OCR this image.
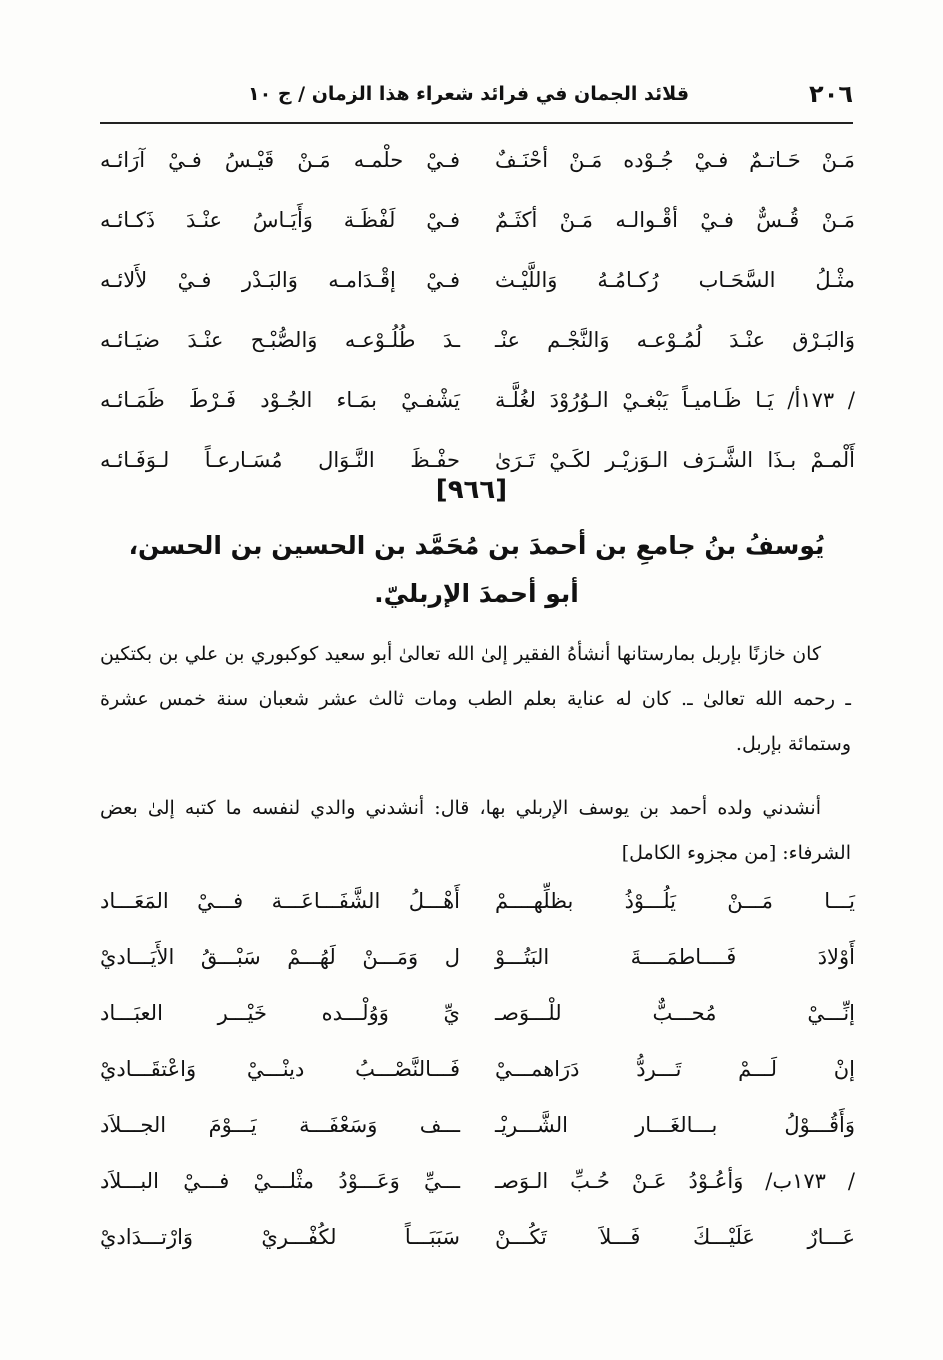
٢٠٦
قلائد الجمان في فرائد شعراء هذا الزمان / ج ١٠
مَـنْ حَـاتـمٌ فـيْ جُـوْده مَـنْ أحْنَـفٌ
فـيْ حلْمـه مَـنْ قَيْـسُ فـيْ آرَائـه
مَـنْ قُـسٌّ فـيْ أقْـوالـه مَـنْ أكثَـمٌ
فـيْ لَفْظَـة وَأَيَـاسُ عنْـدَ ذَكـائـه
مثْـلُ السَّحَـاب رُكـامُـهُ وَاللَّيْـث
فـيْ إقْـدَامـه وَالبَـدْر فـيْ لأَلائـه
وَالبَـرْق عنْـدَ لُمُـوْعـه وَالنَّجْـم عنْـ
ـدَ طُلُـوْعـه وَالصُّبْـح عنْـدَ ضيَـائـه
/ ١٧٣أ/ يَـا ظَـاميـاً يَبْغـيْ الـوُرُوْدَ لغُلَّـة
يَشْفـيْ بمَـاء الجُـوْد فَـرْطَ ظَمَـائـه
أَلْمـمْ بـذَا الشَّـرَف الـوَزيْـر لكَـيْ تَـرَىٰ
حفْـظَ النَّـوَال مُسَـارعـاً لـوَفَـائـه
[٩٦٦]
يُوسفُ بنُ جامعِ بن أحمدَ بن مُحَمَّد بن الحسين بن الحسن،
أبو أحمدَ الإربليّ.
كان خازنًا بإربل بمارستانها أنشأهُ الفقير إلىٰ الله تعالىٰ أبو سعيد كوكبوري بن علي بن بكتكين ـ رحمه الله تعالىٰ ـ. كان له عناية بعلم الطب ومات ثالث عشر شعبان سنة خمس عشرة وستمائة بإربل.
أنشدني ولده أحمد بن يوسف الإربلي بها، قال: أنشدني والدي لنفسه ما كتبه إلىٰ بعض الشرفاء: [من مجزوء الكامل]
يَـــا مَـــنْ يَلُـــوْذُ بظلِّهــــمْ
أَهْـــلُ الشَّفَـــاعَـــة فـــيْ المَعَـــاد
أَوْلادَ فَــــاطمَــــةَ البَتُـــوْ
ل وَمَـــنْ لَهُـــمْ سَبْـــقُ الأَيَـــاديْ
إنِّـــيْ مُحـــبٌّ للْـــوَصـ
يِّ وَوُلْـــده خَيْـــر العبَـــاد
إنْ لَـــمْ تَـــردُّ دَرَاهمـــيْ
فَـــالنَّصْـــبُ دينْـــيْ وَاعْتقَـــاديْ
وَأَقُـــوْلُ بـــالغَـــار الشَّـــريْـ
ـــف وَسَعْفَـــة يَـــوْمَ الجـــلاَد
/ ١٧٣ب/ وَأعُـوْدُ عَـنْ حُـبِّ الـوَصـ
ـــيِّ وَعَـــوْدُ مثْلـــيْ فـــيْ البـــلاَد
عَـــارٌ عَلَيْـــكَ فَـــلاَ تَكُـــنْ
سَبَبَـــاً لكُفْـــريْ وَارْتـــدَاديْ
